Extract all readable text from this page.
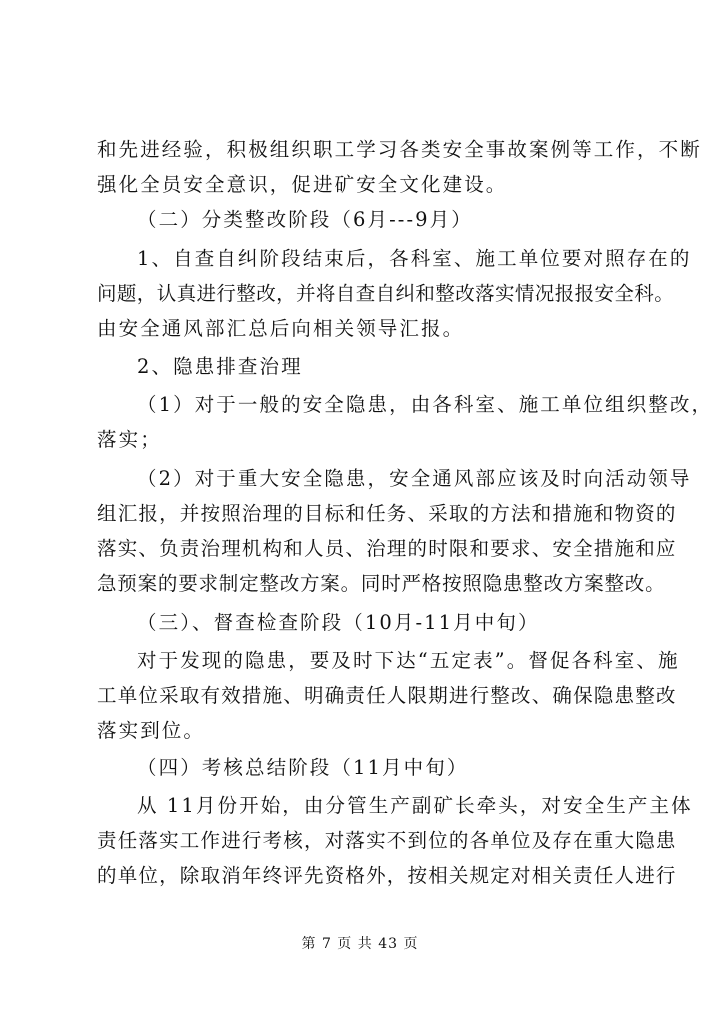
和先进经验，积极组织职工学习各类安全事故案例等工作，不断
强化全员安全意识，促进矿安全文化建设。
（二）分类整改阶段（6月---9月）
1、自查自纠阶段结束后，各科室、施工单位要对照存在的
问题，认真进行整改，并将自查自纠和整改落实情况报报安全科。
由安全通风部汇总后向相关领导汇报。
2、隐患排查治理
（1）对于一般的安全隐患，由各科室、施工单位组织整改，
落实；
（2）对于重大安全隐患，安全通风部应该及时向活动领导
组汇报，并按照治理的目标和任务、采取的方法和措施和物资的
落实、负责治理机构和人员、治理的时限和要求、安全措施和应
急预案的要求制定整改方案。同时严格按照隐患整改方案整改。
（三）、督查检查阶段（10月-11月中旬）
对于发现的隐患，要及时下达“五定表”。督促各科室、施
工单位采取有效措施、明确责任人限期进行整改、确保隐患整改
落实到位。
（四）考核总结阶段（11月中旬）
从 11月份开始，由分管生产副矿长牵头，对安全生产主体
责任落实工作进行考核，对落实不到位的各单位及存在重大隐患
的单位，除取消年终评先资格外，按相关规定对相关责任人进行
第 7 页 共 43 页
